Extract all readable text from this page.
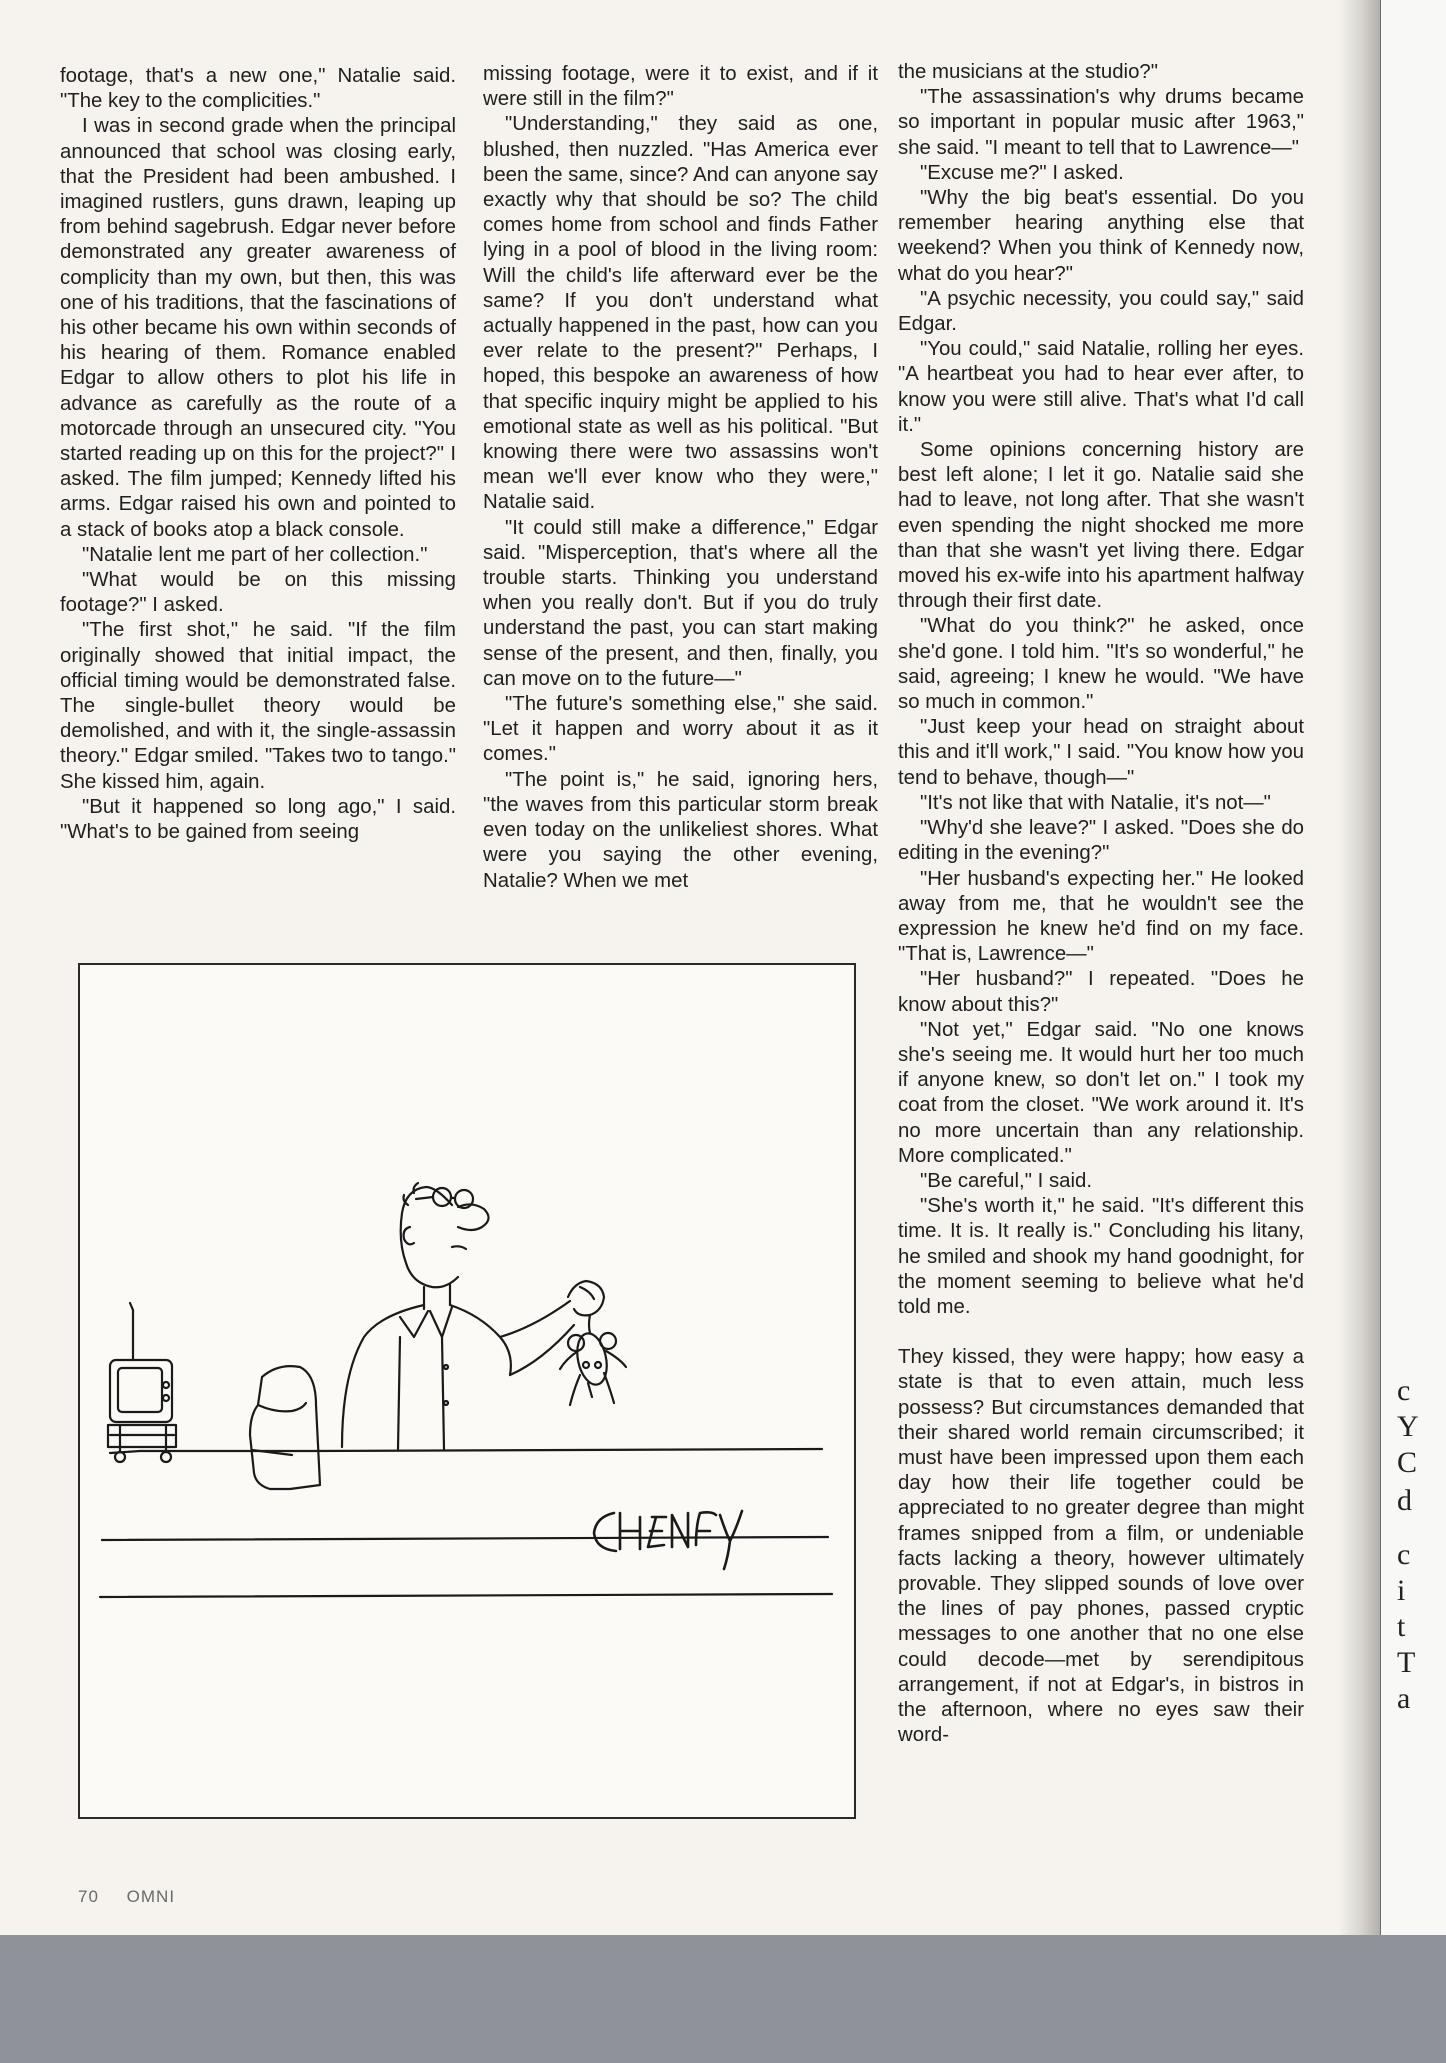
footage, that's a new one," Natalie said. "The key to the complicities."

I was in second grade when the principal announced that school was closing early, that the President had been ambushed. I imagined rustlers, guns drawn, leaping up from behind sagebrush. Edgar never before demonstrated any greater awareness of complicity than my own, but then, this was one of his traditions, that the fascinations of his other became his own within seconds of his hearing of them. Romance enabled Edgar to allow others to plot his life in advance as carefully as the route of a motorcade through an unsecured city. "You started reading up on this for the project?" I asked. The film jumped; Kennedy lifted his arms. Edgar raised his own and pointed to a stack of books atop a black console.

"Natalie lent me part of her collection."

"What would be on this missing footage?" I asked.

"The first shot," he said. "If the film originally showed that initial impact, the official timing would be demonstrated false. The single-bullet theory would be demolished, and with it, the single-assassin theory." Edgar smiled. "Takes two to tango." She kissed him, again.

"But it happened so long ago," I said. "What's to be gained from seeing

missing footage, were it to exist, and if it were still in the film?"

"Understanding," they said as one, blushed, then nuzzled. "Has America ever been the same, since? And can anyone say exactly why that should be so? The child comes home from school and finds Father lying in a pool of blood in the living room: Will the child's life afterward ever be the same? If you don't understand what actually happened in the past, how can you ever relate to the present?" Perhaps, I hoped, this bespoke an awareness of how that specific inquiry might be applied to his emotional state as well as his political. "But knowing there were two assassins won't mean we'll ever know who they were," Natalie said.

"It could still make a difference," Edgar said. "Misperception, that's where all the trouble starts. Thinking you understand when you really don't. But if you do truly understand the past, you can start making sense of the present, and then, finally, you can move on to the future—"

"The future's something else," she said. "Let it happen and worry about it as it comes."

"The point is," he said, ignoring hers, "the waves from this particular storm break even today on the unlikeliest shores. What were you saying the other evening, Natalie? When we met

the musicians at the studio?"

"The assassination's why drums became so important in popular music after 1963," she said. "I meant to tell that to Lawrence—"

"Excuse me?" I asked.

"Why the big beat's essential. Do you remember hearing anything else that weekend? When you think of Kennedy now, what do you hear?"

"A psychic necessity, you could say," said Edgar.

"You could," said Natalie, rolling her eyes. "A heartbeat you had to hear ever after, to know you were still alive. That's what I'd call it."

Some opinions concerning history are best left alone; I let it go. Natalie said she had to leave, not long after. That she wasn't even spending the night shocked me more than that she wasn't yet living there. Edgar moved his ex-wife into his apartment halfway through their first date.

"What do you think?" he asked, once she'd gone. I told him. "It's so wonderful," he said, agreeing; I knew he would. "We have so much in common."

"Just keep your head on straight about this and it'll work," I said. "You know how you tend to behave, though—"

"It's not like that with Natalie, it's not—"

"Why'd she leave?" I asked. "Does she do editing in the evening?"

"Her husband's expecting her." He looked away from me, that he wouldn't see the expression he knew he'd find on my face. "That is, Lawrence—"

"Her husband?" I repeated. "Does he know about this?"

"Not yet," Edgar said. "No one knows she's seeing me. It would hurt her too much if anyone knew, so don't let on." I took my coat from the closet. "We work around it. It's no more uncertain than any relationship. More complicated."

"Be careful," I said.

"She's worth it," he said. "It's different this time. It is. It really is." Concluding his litany, he smiled and shook my hand goodnight, for the moment seeming to believe what he'd told me.

They kissed, they were happy; how easy a state is that to even attain, much less possess? But circumstances demanded that their shared world remain circumscribed; it must have been impressed upon them each day how their life together could be appreciated to no greater degree than might frames snipped from a film, or undeniable facts lacking a theory, however ultimately provable. They slipped sounds of love over the lines of pay phones, passed cryptic messages to one another that no one else could decode—met by serendipitous arrangement, if not at Edgar's, in bistros in the afternoon, where no eyes saw their word-

70 OMNI
c
Y
C
d
c
i
t
T
a
